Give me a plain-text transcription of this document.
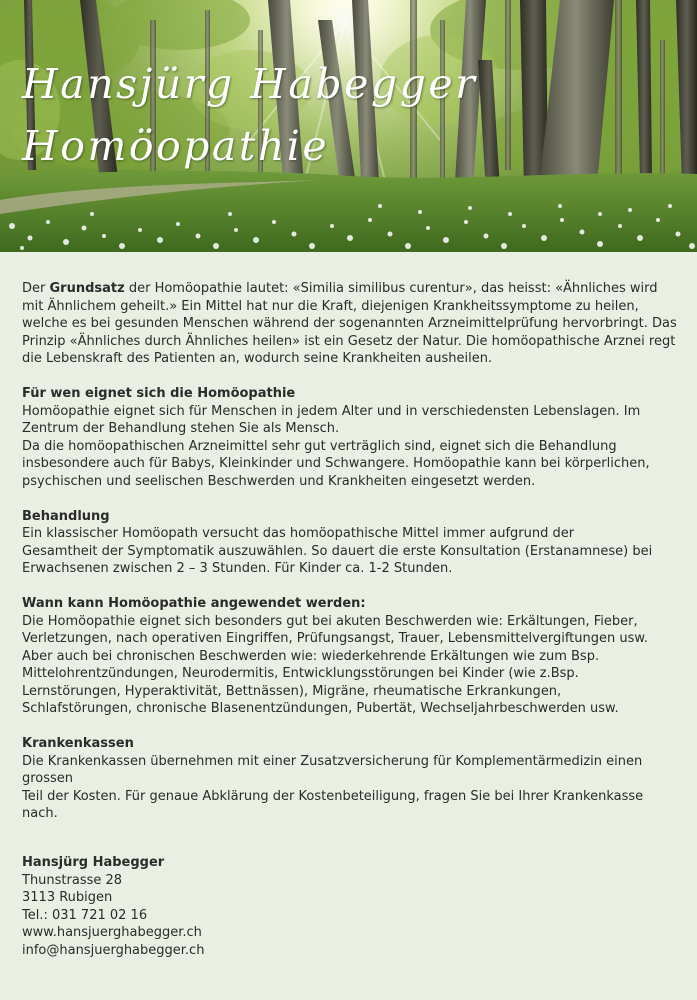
Hansjürg Habegger
Homöopathie

Der Grundsatz der Homöopathie lautet: «Similia similibus curentur», das heisst: «Ähnliches wird mit Ähnlichem geheilt.» Ein Mittel hat nur die Kraft, diejenigen Krankheitssymptome zu heilen, welche es bei gesunden Menschen während der sogenannten Arzneimittelprüfung hervorbringt. Das Prinzip «Ähnliches durch Ähnliches heilen» ist ein Gesetz der Natur. Die homöopathische Arznei regt die Lebenskraft des Patienten an, wodurch seine Krankheiten ausheilen.

Für wen eignet sich die Homöopathie

Homöopathie eignet sich für Menschen in jedem Alter und in verschiedensten Lebenslagen. Im Zentrum der Behandlung stehen Sie als Mensch.

Da die homöopathischen Arzneimittel sehr gut verträglich sind, eignet sich die Behandlung insbesondere auch für Babys, Kleinkinder und Schwangere. Homöopathie kann bei körperlichen, psychischen und seelischen Beschwerden und Krankheiten eingesetzt werden.

Behandlung

Ein klassischer Homöopath versucht das homöopathische Mittel immer aufgrund der

Gesamtheit der Symptomatik auszuwählen. So dauert die erste Konsultation (Erstanamnese) bei

Erwachsenen zwischen 2 – 3 Stunden. Für Kinder ca. 1-2 Stunden.

Wann kann Homöopathie angewendet werden:

Die Homöopathie eignet sich besonders gut bei akuten Beschwerden wie: Erkältungen, Fieber, Verletzungen, nach operativen Eingriffen, Prüfungsangst, Trauer, Lebensmittelvergiftungen usw.

Aber auch bei chronischen Beschwerden wie: wiederkehrende Erkältungen wie zum Bsp.

Mittelohrentzündungen, Neurodermitis, Entwicklungsstörungen bei Kinder (wie z.Bsp.

Lernstörungen, Hyperaktivität, Bettnässen), Migräne, rheumatische Erkrankungen,

Schlafstörungen, chronische Blasenentzündungen, Pubertät, Wechseljahrbeschwerden usw.

Krankenkassen

Die Krankenkassen übernehmen mit einer Zusatzversicherung für Komplementärmedizin einen grossen

Teil der Kosten. Für genaue Abklärung der Kostenbeteiligung, fragen Sie bei Ihrer Krankenkasse nach.

Hansjürg Habegger

Thunstrasse 28

3113 Rubigen

Tel.: 031 721 02 16

www.hansjuerghabegger.ch

info@hansjuerghabegger.ch
